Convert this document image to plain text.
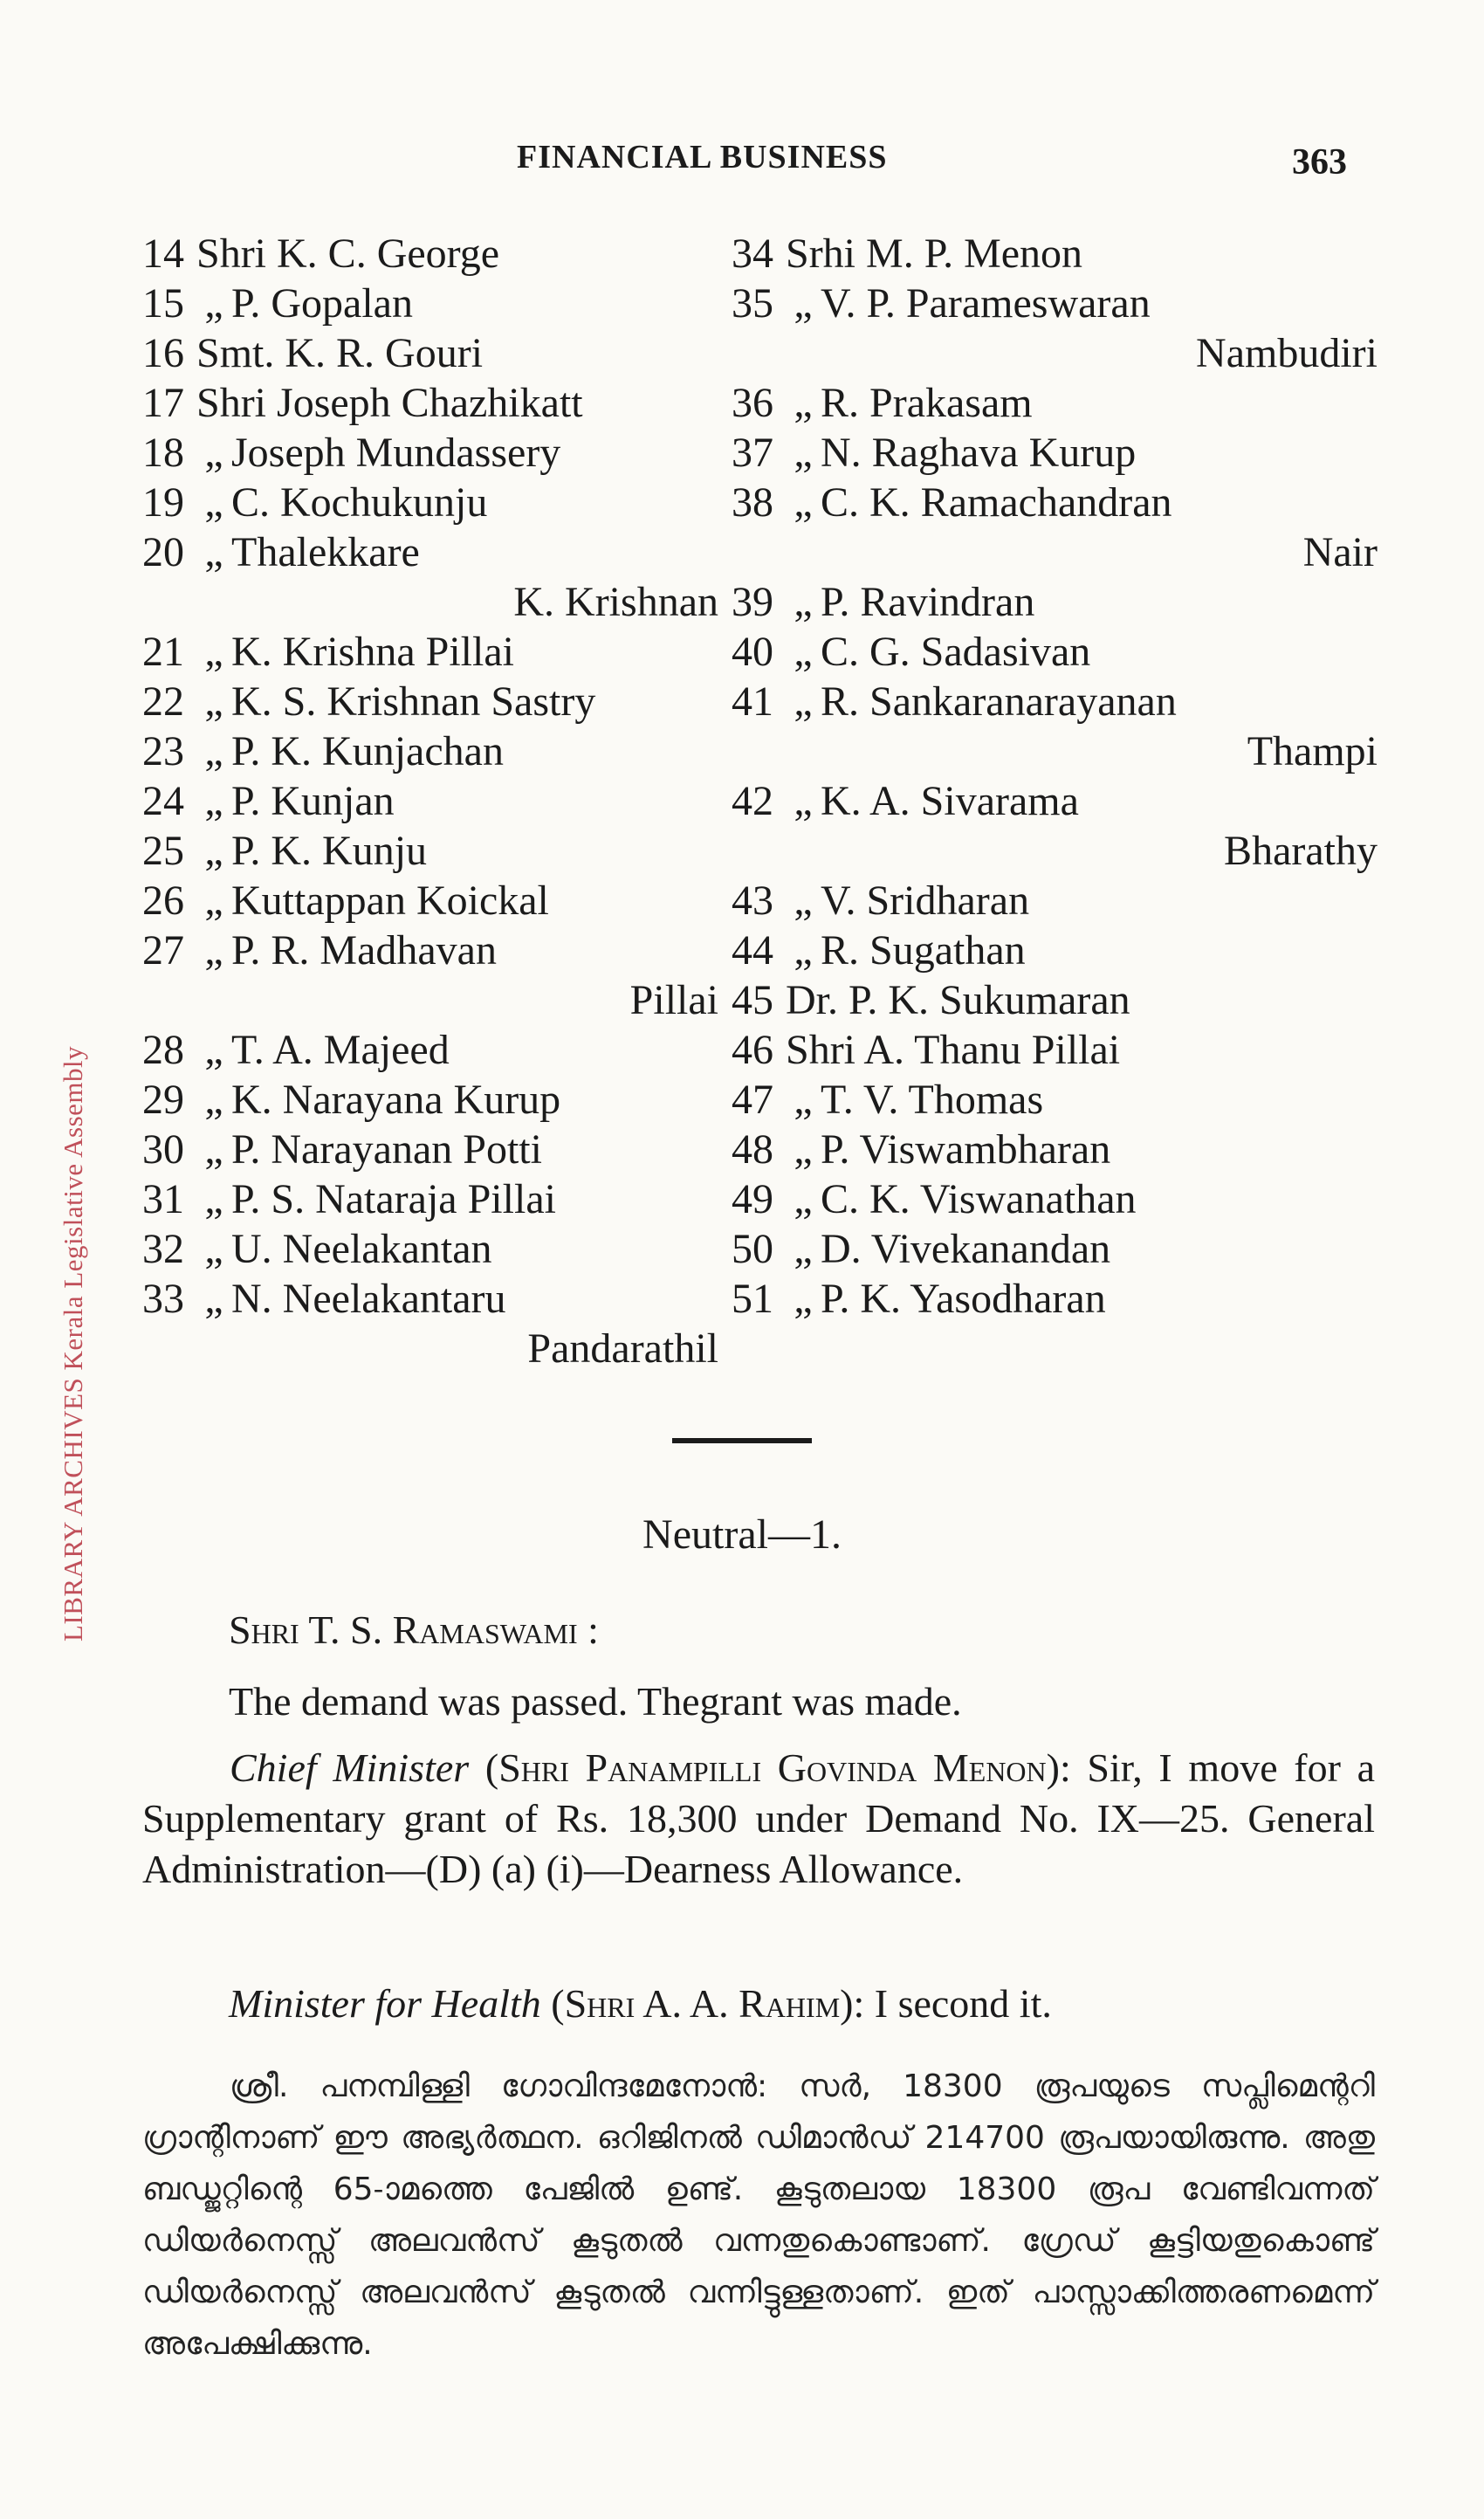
LIBRARY ARCHIVES Kerala Legislative Assembly
FINANCIAL BUSINESS	363
14 Shri K. C. George
15 „ P. Gopalan
16 Smt. K. R. Gouri
17 Shri Joseph Chazhikatt
18 „ Joseph Mundassery
19 „ C. Kochukunju
20 „ Thalekkare
K. Krishnan
21 „ K. Krishna Pillai
22 „ K. S. Krishnan Sastry
23 „ P. K. Kunjachan
24 „ P. Kunjan
25 „ P. K. Kunju
26 „ Kuttappan Koickal
27 „ P. R. Madhavan
Pillai
28 „ T. A. Majeed
29 „ K. Narayana Kurup
30 „ P. Narayanan Potti
31 „ P. S. Nataraja Pillai
32 „ U. Neelakantan
33 „ N. Neelakantaru
Pandarathil
34 Srhi M. P. Menon
35 „ V. P. Parameswaran
Nambudiri
36 „ R. Prakasam
37 „ N. Raghava Kurup
38 „ C. K. Ramachandran
Nair
39 „ P. Ravindran
40 „ C. G. Sadasivan
41 „ R. Sankaranarayanan
Thampi
42 „ K. A. Sivarama
Bharathy
43 „ V. Sridharan
44 „ R. Sugathan
45 Dr. P. K. Sukumaran
46 Shri A. Thanu Pillai
47 „ T. V. Thomas
48 „ P. Viswambharan
49 „ C. K. Viswanathan
50 „ D. Vivekanandan
51 „ P. K. Yasodharan
Neutral—1.
Shri T. S. Ramaswami :
The demand was passed. Thegrant was made.
Chief Minister (Shri Panampilli Govinda Menon): Sir, I move for a Supplementary grant of Rs. 18,300 under Demand No. IX—25. General Administration—(D) (a) (i)—Dearness Allowance.
Minister for Health (Shri A. A. Rahim): I second it.
ശ്രീ. പനമ്പിള്ളി ഗോവിന്ദമേനോൻ: സർ, 18300 രൂപയുടെ സപ്ലിമെന്ററി ഗ്രാന്റിനാണ് ഈ അഭ്യർത്ഥന. ഒറിജിനൽ ഡിമാൻഡ് 214700 രൂപയായിരുന്നു. അതു ബഡ്ജറ്റിന്റെ 65-ാമത്തെ പേജിൽ ഉണ്ട്. കൂടുതലായ 18300 രൂപ വേണ്ടിവന്നത് ഡിയർനെസ്സ് അലവൻസ് കൂടുതൽ വന്നതുകൊണ്ടാണ്. ഗ്രേഡ് കൂട്ടിയതുകൊണ്ട് ഡിയർനെസ്സ് അലവൻസ് കൂടുതൽ വന്നിട്ടുള്ളതാണ്. ഇത് പാസ്സാക്കിത്തരണമെന്ന് അപേക്ഷിക്കുന്നു.
